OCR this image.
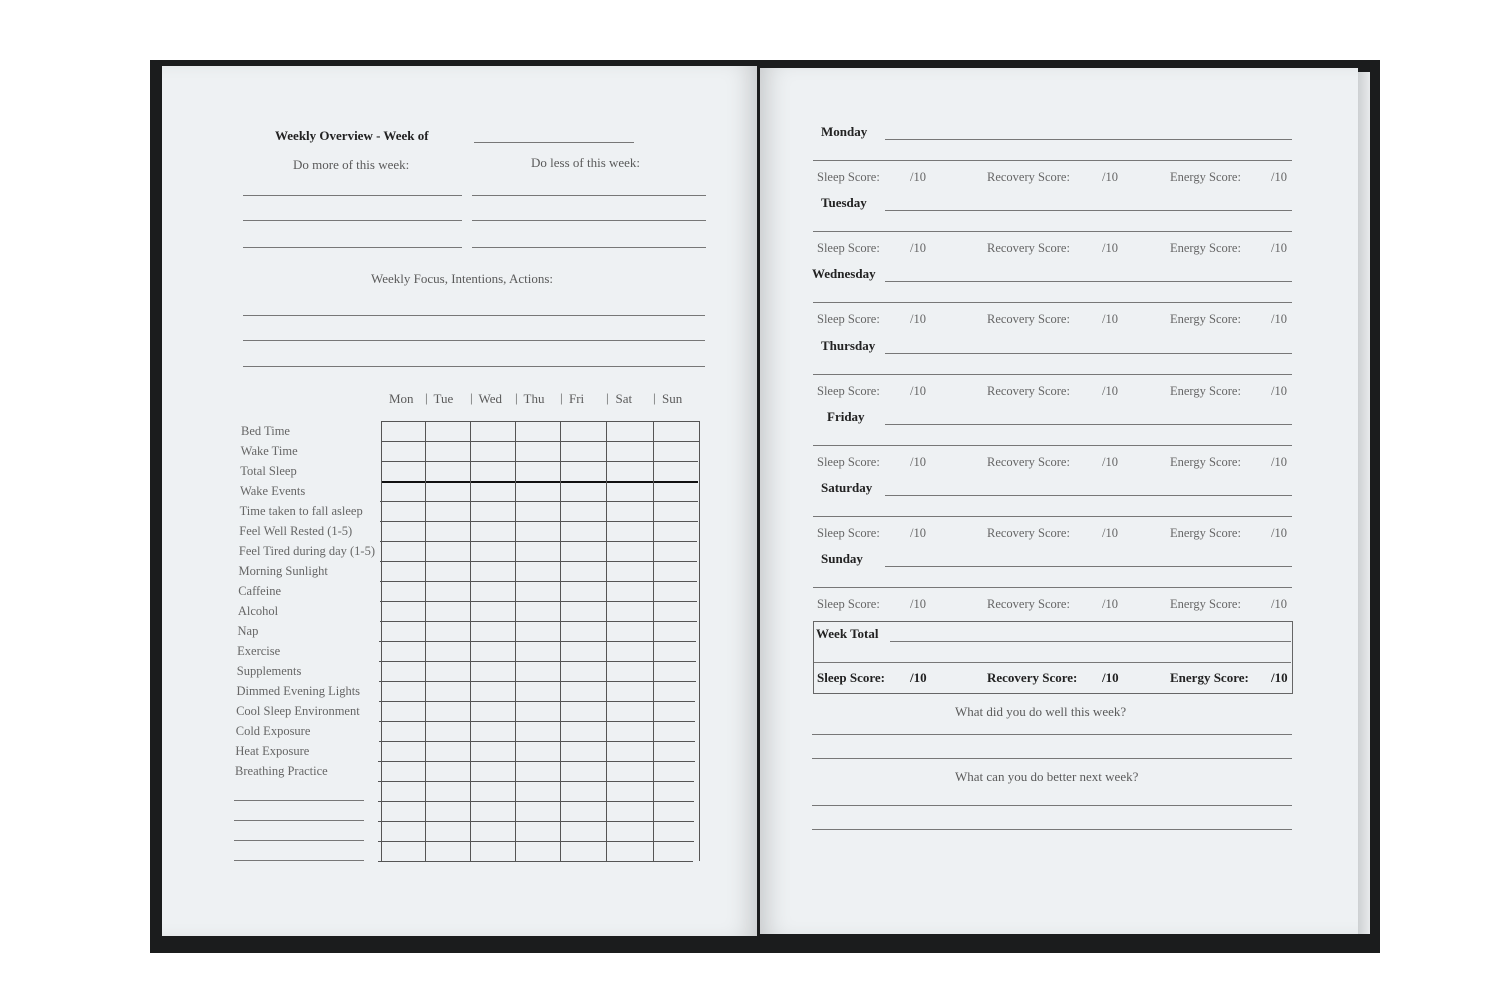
Weekly Overview - Week of
Do more of this week:	Do less of this week:
Weekly Focus, Intentions, Actions:
What did you do well this week?
What can you do better next week?
Mon | Tue | Wed | Thu | Fri | Sat | Sun
Bed Time
Wake Time
Total Sleep
Wake Events
Time taken to fall asleep
Feel Well Rested (1-5)
Feel Tired during day (1-5)
Morning Sunlight
Caffeine
Alcohol
Nap
Exercise
Supplements
Dimmed Evening Lights
Cool Sleep Environment
Cold Exposure
Heat Exposure
Breathing Practice
Monday
Sleep Score: /10	Recovery Score:	/10	Energy Score: /10
Tuesday
Sleep Score: /10	Recovery Score:	/10	Energy Score: /10
Wednesday
Sleep Score: /10	Recovery Score:	/10	Energy Score: /10
Thursday
Sleep Score: /10	Recovery Score:	/10	Energy Score: /10
Friday
Sleep Score: /10	Recovery Score:	/10	Energy Score: /10
Saturday
Sleep Score: /10	Recovery Score:	/10	Energy Score: /10
Sunday
Sleep Score: /10	Recovery Score:	/10	Energy Score: /10
Week Total
Sleep Score: /10	Recovery Score: /10	Energy Score: /10
